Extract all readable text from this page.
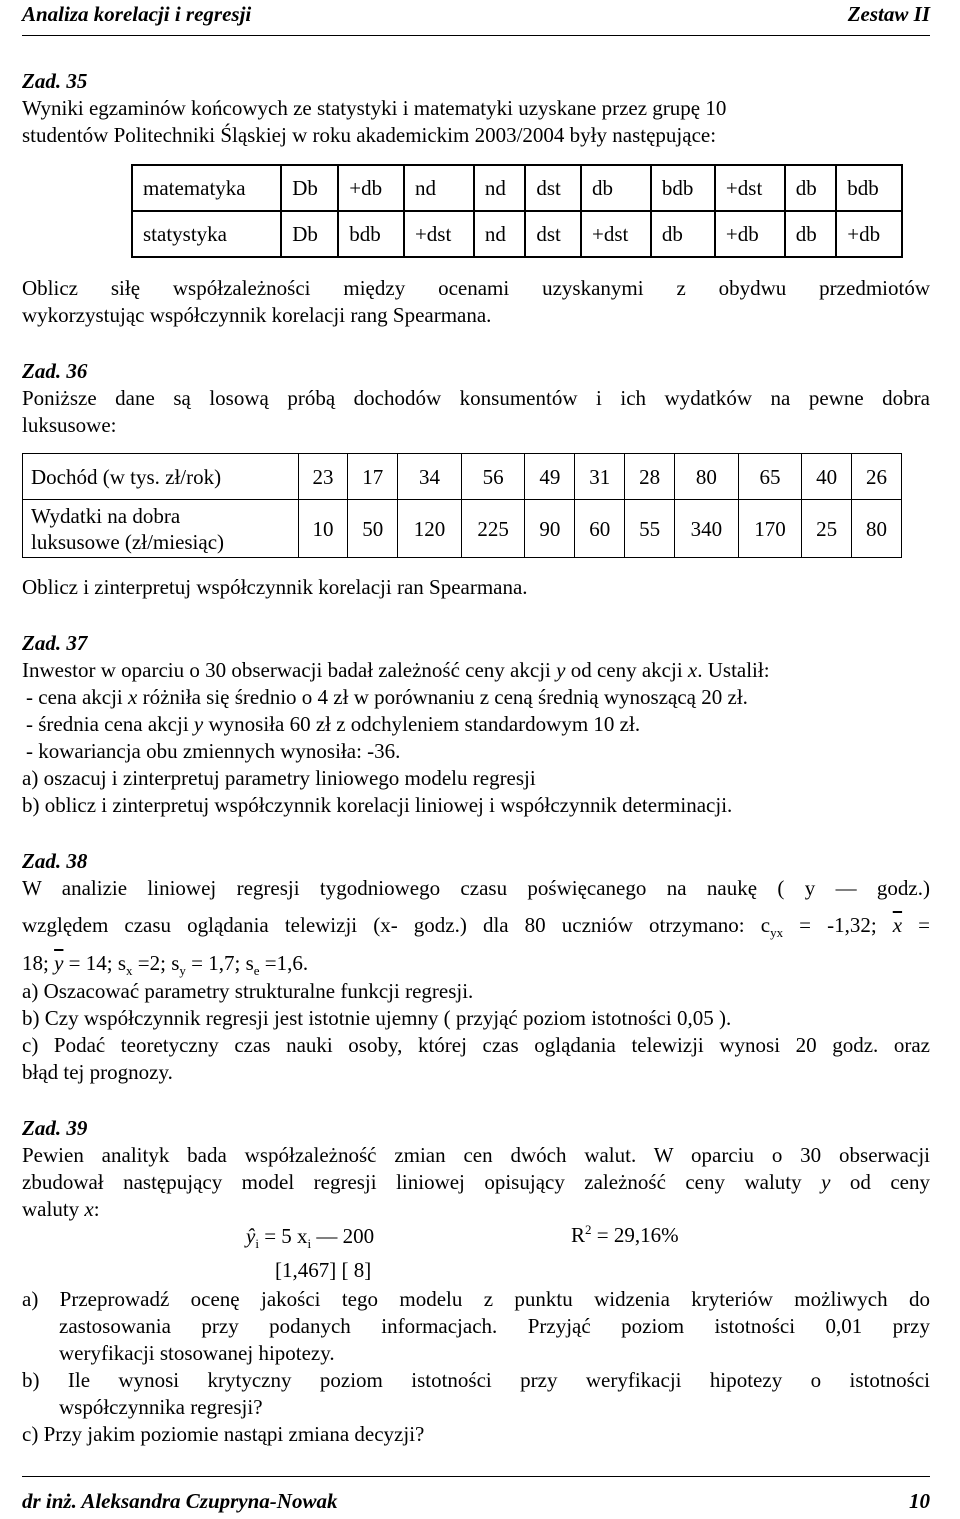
Analiza korelacji i regresji	Zestaw II
Zad. 35
Wyniki egzaminów końcowych ze statystyki i matematyki uzyskane przez grupę 10
studentów Politechniki Śląskiej w roku akademickim 2003/2004 były następujące:
matematyka	Db	+db	nd	nd	dst	db	bdb	+dst	db	bdb
statystyka	Db	bdb	+dst	nd	dst	+dst	db	+db	db	+db
Oblicz siłę współzależności między ocenami uzyskanymi z obydwu przedmiotów
wykorzystując współczynnik korelacji rang Spearmana.
Zad. 36
Poniższe dane są losową próbą dochodów konsumentów i ich wydatków na pewne dobra
luksusowe:
Dochód (w tys. zł/rok)	23	17	34	56	49	31	28	80	65	40	26

Wydatki na dobra
luksusowe (zł/miesiąc)	10	50	120	225	90	60	55	340	170	25	80
Oblicz i zinterpretuj współczynnik korelacji ran Spearmana.
Zad. 37
Inwestor w oparciu o 30 obserwacji badał zależność ceny akcji y od ceny akcji x. Ustalił:
- cena akcji x różniła się średnio o 4 zł w porównaniu z ceną średnią wynoszącą 20 zł.
- średnia cena akcji y wynosiła 60 zł z odchyleniem standardowym 10 zł.
- kowariancja obu zmiennych wynosiła: -36.
a) oszacuj i zinterpretuj parametry liniowego modelu regresji
b) oblicz i zinterpretuj współczynnik korelacji liniowej i współczynnik determinacji.
Zad. 38
W analizie liniowej regresji tygodniowego czasu poświęcanego na naukę ( y — godz.)
względem czasu oglądania telewizji (x- godz.) dla 80 uczniów otrzymano: $c_{yx} = -1,32$; $\overline{x}$ =
18; $\overline{y} = 14$; $s_x =2$; $s_y = 1,7$; $s_e =1,6$.
a) Oszacować parametry strukturalne funkcji regresji.
b) Czy współczynnik regresji jest istotnie ujemny ( przyjąć poziom istotności 0,05 ).
c) Podać teoretyczny czas nauki osoby, której czas oglądania telewizji wynosi 20 godz. oraz
błąd tej prognozy.
Zad. 39
Pewien analityk bada współzależność zmian cen dwóch walut. W oparciu o 30 obserwacji
zbudował następujący model regresji liniowej opisujący zależność ceny waluty y od ceny
waluty x:
$ŷ_i = 5$ $x_i$ — 200	$R^2 = 29,16\%$
[1,467] [ 8]
a) Przeprowadź ocenę jakości tego modelu z punktu widzenia kryteriów możliwych do
zastosowania przy podanych informacjach. Przyjąć poziom istotności 0,01 przy
weryfikacji stosowanej hipotezy.
b) Ile wynosi krytyczny poziom istotności przy weryfikacji hipotezy o istotności
współczynnika regresji?
c) Przy jakim poziomie nastąpi zmiana decyzji?
dr inż. Aleksandra Czupryna-Nowak	10
